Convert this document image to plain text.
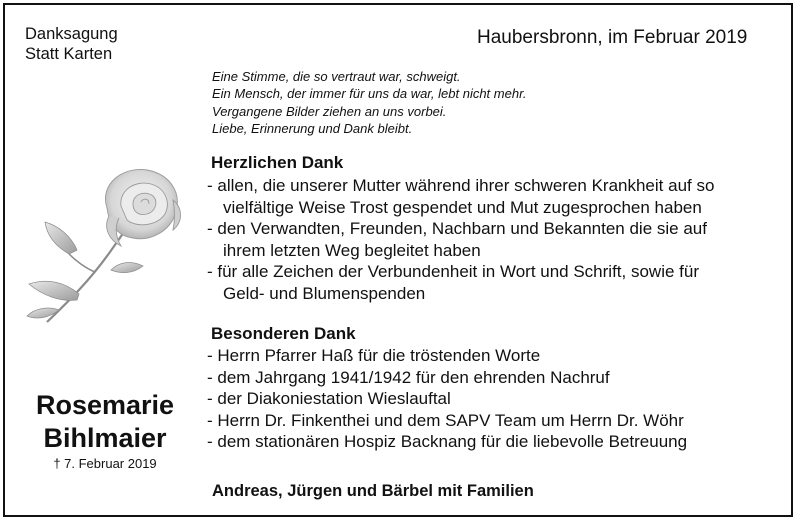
Danksagung
Statt Karten
Haubersbronn, im Februar 2019
Eine Stimme, die so vertraut war, schweigt.
Ein Mensch, der immer für uns da war, lebt nicht mehr.
Vergangene Bilder ziehen an uns vorbei.
Liebe, Erinnerung und Dank bleibt.
Herzlichen Dank
- allen, die unserer Mutter während ihrer schweren Krankheit auf so
vielfältige Weise Trost gespendet und Mut zugesprochen haben
- den Verwandten, Freunden, Nachbarn und Bekannten die sie auf
ihrem letzten Weg begleitet haben
- für alle Zeichen der Verbundenheit in Wort und Schrift, sowie für
Geld- und Blumenspenden
Besonderen Dank
- Herrn Pfarrer Haß für die tröstenden Worte
- dem Jahrgang 1941/1942 für den ehrenden Nachruf
- der Diakoniestation Wieslauftal
- Herrn Dr. Finkenthei und dem SAPV Team um Herrn Dr. Wöhr
- dem stationären Hospiz Backnang für die liebevolle Betreuung
Rosemarie
Bihlmaier
† 7. Februar 2019
Andreas, Jürgen und Bärbel mit Familien
